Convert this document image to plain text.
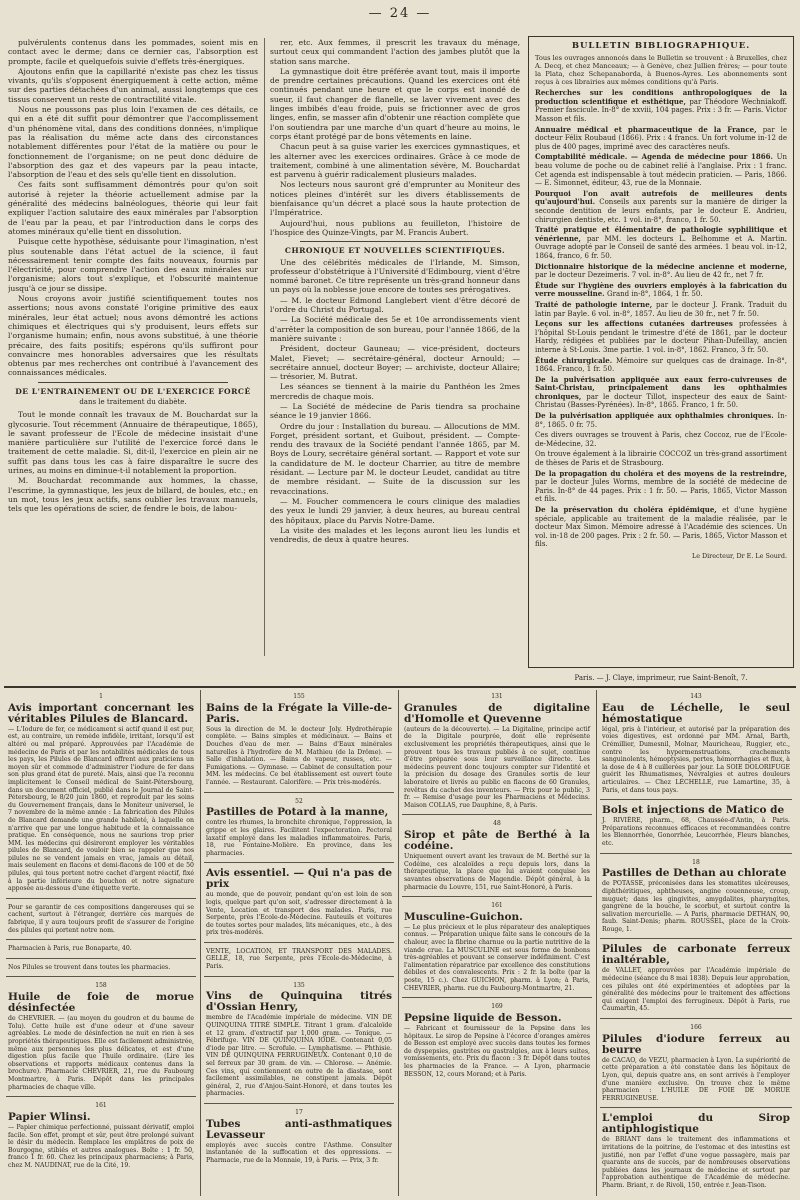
— 24 —

pulvérulents contenus dans les pommades, soient mis en contact avec le derme; dans ce dernier cas, l'absorption est prompte, facile et quelquefois suivie d'effets très-énergiques.

Ajoutons enfin que la capillarité n'existe pas chez les tissus vivants, qu'ils s'opposent énergiquement à cette action, même sur des parties détachées d'un animal, aussi longtemps que ces tissus conservent un reste de contractilité vitale.

Nous ne poussons pas plus loin l'examen de ces détails, ce qui en a été dit suffit pour démontrer que l'accomplissement d'un phénomène vital, dans des conditions données, n'implique pas la réalisation du même acte dans des circonstances notablement différentes pour l'état de la matière ou pour le fonctionnement de l'organisme; on ne peut donc déduire de l'absorption des gaz et des vapeurs par la peau intacte, l'absorption de l'eau et des sels qu'elle tient en dissolution.

Ces faits sont suffisamment démontrés pour qu'on soit autorisé à rejeter la théorie actuellement admise par la généralité des médecins balnéologues, théorie qui leur fait expliquer l'action salutaire des eaux minérales par l'absorption de l'eau par la peau, et par l'introduction dans le corps des atomes minéraux qu'elle tient en dissolution.

Puisque cette hypothèse, séduisante pour l'imagination, n'est plus soutenable dans l'état actuel de la science, il faut nécessairement tenir compte des faits nouveaux, fournis par l'électricité, pour comprendre l'action des eaux minérales sur l'organisme; alors tout s'explique, et l'obscurité maintenue jusqu'à ce jour se dissipe.

Nous croyons avoir justifié scientifiquement toutes nos assertions; nous avons constaté l'origine primitive des eaux minérales, leur état actuel; nous avons démontré les actions chimiques et électriques qui s'y produisent, leurs effets sur l'organisme humain; enfin, nous avons substitué, à une théorie précaire, des faits positifs; espérons qu'ils suffiront pour convaincre mes honorables adversaires que les résultats obtenus par mes recherches ont contribué à l'avancement des connaissances médicales.

DE L'ENTRAINEMENT OU DE L'EXERCICE FORCÉ
dans le traitement du diabète.

Tout le monde connaît les travaux de M. Bouchardat sur la glycosurie. Tout récemment (Annuaire de thérapeutique, 1865), le savant professeur de l'Ecole de médecine insistait d'une manière particulière sur l'utilité de l'exercice forcé dans le traitement de cette maladie. Si, dit-il, l'exercice en plein air ne suffit pas dans tous les cas à faire disparaître le sucre des urines, au moins en diminue-t-il notablement la proportion.

M. Bouchardat recommande aux hommes, la chasse, l'escrime, la gymnastique, les jeux de billard, de boules, etc.; en un mot, tous les jeux actifs, sans oublier les travaux manuels, tels que les opérations de scier, de fendre le bois, de labou-

rer, etc. Aux femmes, il prescrit les travaux du ménage, surtout ceux qui commandent l'action des jambes plutôt que la station sans marche.

La gymnastique doit être préférée avant tout, mais il importe de prendre certaines précautions. Quand les exercices ont été continués pendant une heure et que le corps est inondé de sueur, il faut changer de flanelle, se laver vivement avec des linges imbibés d'eau froide, puis se frictionner avec de gros linges, enfin, se masser afin d'obtenir une réaction complète que l'on soutiendra par une marche d'un quart d'heure au moins, le corps étant protégé par de bons vêtements en laine.

Chacun peut à sa guise varier les exercices gymnastiques, et les alterner avec les exercices ordinaires. Grâce à ce mode de traitement, combiné à une alimentation sévère, M. Bouchardat est parvenu à guérir radicalement plusieurs malades.

Nos lecteurs nous sauront gré d'emprunter au Moniteur des notices pleines d'intérêt sur les divers établissements de bienfaisance qu'un décret a placé sous la haute protection de l'Impératrice.

Aujourd'hui, nous publions au feuilleton, l'histoire de l'hospice des Quinze-Vingts, par M. Francis Aubert.

CHRONIQUE ET NOUVELLES SCIENTIFIQUES.

Une des célébrités médicales de l'Irlande, M. Simson, professeur d'obstétrique à l'Université d'Edimbourg, vient d'être nommé baronet. Ce titre représente un très-grand honneur dans un pays où la noblesse joue encore de toutes ses prérogatives.

— M. le docteur Edmond Langlebert vient d'être décoré de l'ordre du Christ du Portugal.

— La Société médicale des 5e et 10e arrondissements vient d'arrêter la composition de son bureau, pour l'année 1866, de la manière suivante :

Président, docteur Gauneau; — vice-président, docteurs Malet, Fievet; — secrétaire-général, docteur Arnould; — secrétaire annuel, docteur Boyer; — archiviste, docteur Allaire; — trésorier, M. Butrat.

Les séances se tiennent à la mairie du Panthéon les 2mes mercredis de chaque mois.

— La Société de médecine de Paris tiendra sa prochaine séance le 19 janvier 1866.

Ordre du jour : Installation du bureau. — Allocutions de MM. Forget, président sortant, et Guibout, président. — Compte-rendu des travaux de la Société pendant l'année 1865, par M. Boys de Loury, secrétaire général sortant. — Rapport et vote sur la candidature de M. le docteur Charrier, au titre de membre résidant. — Lecture par M. le docteur Leudet, candidat au titre de membre résidant. — Suite de la discussion sur les revaccinations.

— M. Foucher commencera le cours clinique des maladies des yeux le lundi 29 janvier, à deux heures, au bureau central des hôpitaux, place du Parvis Notre-Dame.

La visite des malades et les leçons auront lieu les lundis et vendredis, de deux à quatre heures.

BULLETIN BIBLIOGRAPHIQUE.
Tous les ouvrages annoncés dans le Bulletin se trouvent : à Bruxelles, chez A. Decq, et chez Manceaux; — à Genève, chez Jullien frères; — pour toute la Plata, chez Schepanaborda, à Buenos-Ayres. Les abonnements sont reçus à ces librairies aux mêmes conditions qu'à Paris.
Recherches sur les conditions anthropologiques de la production scientifique et esthétique, par Théodore Wechniakoff. Premier fascicule. In-8° de xxviii, 104 pages. Prix : 3 fr. — Paris. Victor Masson et fils.
Annuaire médical et pharmaceutique de la France, par le docteur Félix Roubaud (1866). Prix : 4 francs. Un fort volume in-12 de plus de 400 pages, imprimé avec des caractères neufs.
Comptabilité médicale. — Agenda de médecine pour 1866. Un beau volume de poche ou de cabinet relié à l'anglaise. Prix : 1 franc. Cet agenda est indispensable à tout médecin praticien. — Paris, 1866. — E. Simonnet, éditeur, 43, rue de la Monnaie.
Pourquoi l'on avait autrefois de meilleures dents qu'aujourd'hui. Conseils aux parents sur la manière de diriger la seconde dentition de leurs enfants, par le docteur E. Andrieu, chirurgien dentiste, etc. 1 vol. in-8°, franco, 1 fr. 50.
Traité pratique et élémentaire de pathologie syphilitique et vénérienne, par MM. les docteurs L. Belhomme et A. Martin. Ouvrage adopté par le Conseil de santé des armées. 1 beau vol. in-12, 1864, franco, 6 fr. 50.
Dictionnaire historique de la médecine ancienne et moderne, par le docteur Dezeimeris. 7 vol. in-8°. Au lieu de 42 fr., net 7 fr.
Étude sur l'hygiène des ouvriers employés à la fabrication du verre mousseline. Grand in-8°, 1864, 1 fr. 50.
Traité de pathologie interne, par le docteur J. Frank. Traduit du latin par Bayle. 6 vol. in-8°, 1857. Au lieu de 30 fr., net 7 fr. 50.
Leçons sur les affections cutanées dartreuses professées à l'hôpital St-Louis pendant le trimestre d'été de 1861, par le docteur Hardy, rédigées et publiées par le docteur Pihan-Dufeillay, ancien interne à St-Louis. 3me partie. 1 vol. in-8°, 1862. Franco, 3 fr. 50.
Étude chirurgicale. Mémoire sur quelques cas de drainage. In-8°, 1864. Franco, 1 fr. 50.
De la pulvérisation appliquée aux eaux ferro-cuivreuses de Saint-Christau, principalement dans les ophthalmies chroniques, par le docteur Tillot, inspecteur des eaux de Saint-Christau (Basses-Pyrénées). In-8°, 1865. Franco, 1 fr. 50.
De la pulvérisation appliquée aux ophthalmies chroniques. In-8°, 1865. 0 fr. 75.
Ces divers ouvrages se trouvent à Paris, chez Coccoz, rue de l'Ecole-de-Médecine, 32.
On trouve également à la librairie COCCOZ un très-grand assortiment de thèses de Paris et de Strasbourg.
De la propagation du choléra et des moyens de la restreindre, par le docteur Jules Worms, membre de la société de médecine de Paris. In-8° de 44 pages. Prix : 1 fr. 50. — Paris, 1865, Victor Masson et fils.
De la préservation du choléra épidémique, et d'une hygiène spéciale, applicable au traitement de la maladie réalisée, par le docteur Max Simon. Mémoire adressé à l'Académie des sciences. Un vol. in-18 de 200 pages. Prix : 2 fr. 50. — Paris, 1865, Victor Masson et fils.
Le Directeur, Dr E. Le Sourd.
Paris. — J. Claye, imprimeur, rue Saint-Benoît, 7.
1
Avis important concernant les véritables Pilules de Blancard.
— L'Iodure de fer, ce médicament si actif quand il est pur, est, au contraire, un remède infidèle, irritant, lorsqu'il est altéré ou mal préparé. Approuvées par l'Académie de médecine de Paris et par les notabilités médicales de tous les pays, les Pilules de Blancard offrent aux praticiens un moyen sûr et commode d'administrer l'iodure de fer dans son plus grand état de pureté. Mais, ainsi que l'a reconnu implicitement le Conseil médical de Saint-Pétersbourg, dans un document officiel, publié dans le Journal de Saint-Pétersbourg, le 8/20 juin 1860, et reproduit par les soins du Gouvernement français, dans le Moniteur universel, le 7 novembre de la même année : La fabrication des Pilules de Blancard demande une grande habileté, à laquelle on n'arrive que par une longue habitude et la connaissance pratique. En conséquence, nous ne saurions trop prier MM. les médecins qui désireront employer les véritables pilules de Blancard, de vouloir bien se rappeler que nos pilules ne se vendent jamais en vrac, jamais au détail, mais seulement en flacons et demi-flacons de 100 et de 50 pilules, qui tous portent notre cachet d'argent réactif, fixé à la partie inférieure du bouchon et notre signature apposée au-dessous d'une étiquette verte.
Pour se garantir de ces compositions dangereuses qui se cachent, surtout à l'étranger, derrière ces marques de fabrique, il y aura toujours profit de s'assurer de l'origine des pilules qui portent notre nom.
Pharmacien à Paris, rue Bonaparte, 40.
Nos Pilules se trouvent dans toutes les pharmacies.
158
Huile de foie de morue désinfectée
de CHEVRIER. — (au moyen du goudron et du baume de Tolu). Cette huile est d'une odeur et d'une saveur agréables. Le mode de désinfection ne nuit en rien à ses propriétés thérapeutiques. Elle est facilement administrée, même aux personnes les plus délicates, et est d'une digestion plus facile que l'huile ordinaire. (Lire les observations et rapports médicaux contenus dans la brochure). Pharmacie CHEVRIER, 21, rue du Faubourg Montmartre, à Paris. Dépôt dans les principales pharmacies de chaque ville.
161
Papier Wlinsi.
— Papier chimique perfectionné, puissant dérivatif, emploi facile. Son effet, prompt et sûr, peut être prolongé suivant le désir du médecin. Remplace les emplâtres de poix de Bourgogne, stibiés et autres analogues. Boîte : 1 fr. 50, franco 1 fr. 60. Chez les principaux pharmaciens; à Paris, chez M. NAUDINAT, rue de la Cité, 19.
155
Bains de la Frégate la Ville-de-Paris.
Sous la direction de M. le docteur Joly. Hydrothérapie complète. — Bains simples et médicinaux. — Bains et Douches d'eau de mer. — Bains d'Eaux minérales naturelles à l'hydrofère de M. Mathieu (de la Drôme). — Salle d'inhalation. — Bains de vapeur, russes, etc. — Fumigations. — Gymnase. — Cabinet de consultation pour MM. les médecins. Ce bel établissement est ouvert toute l'année. — Restaurant. Calorifère. — Prix très-modérés.
52
Pastilles de Potard à la manne,
contre les rhumes, la bronchite chronique, l'oppression, la grippe et les glaires. Facilitent l'expectoration. Pectoral laxatif employé dans les maladies inflammatoires. Paris, 18, rue Fontaine-Molière. En province, dans les pharmacies.
Avis essentiel. — Qui n'a pas de prix
au monde, que de pouvoir, pendant qu'on est loin de son logis, quelque part qu'on soit, s'adresser directement à la Vente, Location et transport des malades. Paris, rue Serpente, près l'Ecole-de-Médecine. Fauteuils et voitures de toutes sortes pour malades, lits mécaniques, etc., à des prix très-modérés.
VENTE, LOCATION, ET TRANSPORT DES MALADES. GELLÉ, 18, rue Serpente, près l'Ecole-de-Médecine, à Paris.
135
Vins de Quinquina titrés d'Ossian Henry,
membre de l'Académie impériale de médecine. VIN DE QUINQUINA TITRÉ SIMPLE. Titrant 1 gram. d'alcaloïde et 12 gram. d'extractif par 1,000 gram. — Tonique. — Fébrifuge. VIN DE QUINQUINA IODÉ. Contenant 0,05 d'iode par litre. — Scrofule. — Lymphatisme. — Phthisie. VIN DE QUINQUINA FERRUGINEUX. Contenant 0,10 de sel ferreux par 30 gram. de vin. — Chlorose. — Anémie. Ces vins, qui contiennent en outre de la diastase, sont facilement assimilables, ne constipent jamais. Dépôt général, 2, rue d'Anjou-Saint-Honoré, et dans toutes les pharmacies.
17
Tubes anti-asthmatiques Levasseur
employés avec succès contre l'Asthme. Consulter instantanée de la suffocation et des oppressions. — Pharmacie, rue de la Monnaie, 19, à Paris. — Prix, 3 fr.
131
Granules de digitaline d'Homolle et Quevenne
(auteurs de la découverte). — La Digitaline, principe actif de la Digitale pourprée, dont elle représente exclusivement les propriétés thérapeutiques, ainsi que le prouvent tous les travaux publiés à ce sujet, continue d'être préparée sous leur surveillance directe. Les médecins peuvent donc toujours compter sur l'identité et la précision du dosage des Granules sortis de leur laboratoire et livrés au public en flacons de 60 Granules, revêtus du cachet des inventeurs. — Prix pour le public, 3 fr. — Remise d'usage pour les Pharmaciens et Médecins. Maison COLLAS, rue Dauphine, 8, à Paris.
48
Sirop et pâte de Berthé à la codéine.
Uniquement ouvert avant les travaux de M. Berthé sur la Codéine, ces alcaloïdes a reçu depuis lors, dans la thérapeutique, la place que lui avaient conquise les savantes observations de Magendie. Dépôt général, à la pharmacie du Louvre, 151, rue Saint-Honoré, à Paris.
161
Musculine-Guichon.
— Le plus précieux et le plus réparateur des analeptiques connus. — Préparation unique faite sans le concours de la chaleur, avec la fibrine charnue ou la partie nutritive de la viande crue. La MUSCULINE est sous forme de bonbons très-agréables et pouvant se conserver indéfiniment. C'est l'alimentation réparatrice par excellence des constitutions débiles et des convalescents. Prix : 2 fr. la boîte (par la poste, 15 c.). Chez GUICHON, pharm. à Lyon; à Paris, CHEVRIER, pharm. rue du Faubourg-Montmartre, 21.
169
Pepsine liquide de Besson.
— Fabricant et fournisseur de la Pepsine dans les hôpitaux. Le sirop de Pepsine à l'écorce d'oranges amères de Besson est employé avec succès dans toutes les formes de dyspepsies, gastrites ou gastralgies, aux à leurs suites, vomissements, etc. Prix du flacon : 3 fr. Dépôt dans toutes les pharmacies de la France. — A Lyon, pharmacie BESSON, 12, cours Morand; et à Paris.
143
Eau de Léchelle, le seul hémostatique
légal, pris à l'intérieur, et autorisé par la préparation des voies digestives, est ordonné par MM. Arnal, Barth, Crémillier, Dumesnil, Molnar, Mauricheau, Ruggier, etc., contre les hypermenstruations, crachements sanguinolents, hémoptysies, pertes, hémorrhagies et flux, à la dose de 4 à 8 cuillerées par jour. La SOIE DOLORIFUGE guérit les Rhumatismes, Névralgies et autres douleurs articulaires. — Chez LÉCHELLE, rue Lamartine, 35, à Paris, et dans tous pays.
Bols et injections de Matico de
J. RIVIÈRE, pharm., 68, Chaussée-d'Antin, à Paris. Préparations reconnues efficaces et recommandées contre les Blennorrhée, Gonorrhée, Leucorrhée, Fleurs blanches, etc.
18
Pastilles de Dethan au chlorate
de POTASSE, préconisées dans les stomatites ulcéreuses, diphthéritiques, aphtheuses, angine couenneuse, croup, muguet; dans les gingivites, amygdalites, pharyngites, gangrène de la bouche, le scorbut, et surtout contre la salivation mercurielle. — A Paris, pharmacie DETHAN, 90, faub. Saint-Denis; pharm. ROUSSEL, place de la Croix-Rouge, 1.
Pilules de carbonate ferreux inaltérable,
de VALLET, approuvées par l'Académie impériale de médecine (séance du 8 mai 1838). Depuis leur approbation, ces pilules ont été expérimentées et adoptées par la généralité des médecins pour le traitement des affections qui exigent l'emploi des ferrugineux. Dépôt à Paris, rue Caumartin, 45.
166
Pilules d'iodure ferreux au beurre
de CACAO, de VEZU, pharmacien à Lyon. La supériorité de cette préparation a été constatée dans les hôpitaux de Lyon, qui, depuis quatre ans, en sont arrivés à l'employer d'une manière exclusive. On trouve chez le même pharmacien : L'HUILE DE FOIE DE MORUE FERRUGINEUSE.
L'emploi du Sirop antiphlogistique
de BRIANT dans le traitement des inflammations et irritations de la poitrine, de l'estomac et des intestins est justifié, non par l'effet d'une vogue passagère, mais par quarante ans de succès, par de nombreuses observations publiées dans les journaux de médecine et surtout par l'approbation authentique de l'Académie de médecine. Pharm. Briant, r. de Rivoli, 150, entrée r. Jean-Tison.
